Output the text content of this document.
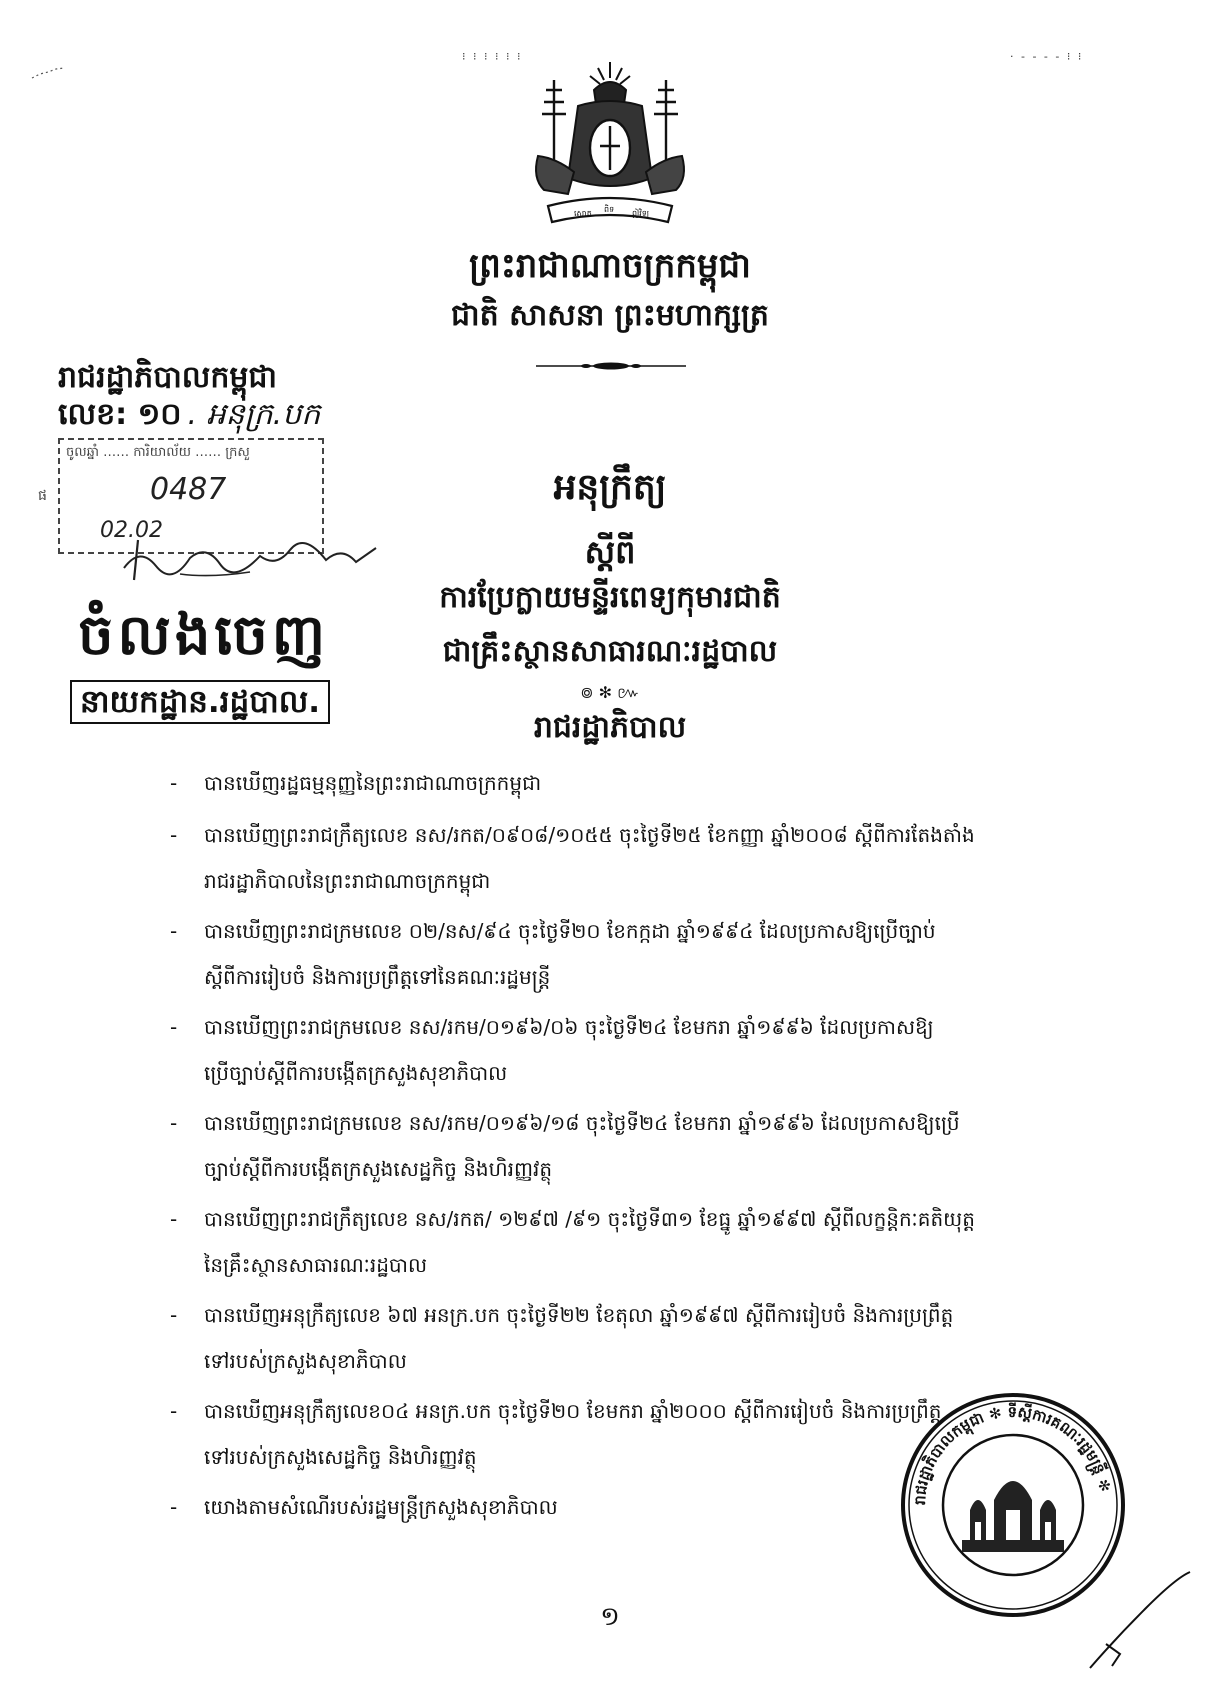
⁝ ⁝ ⁝ ⁝ ⁝ ⁝	· ‑ ‑ ‑ ‑ ⁝ ⁝
សោភ ពិទ ឦវិឡ
ព្រះរាជាណាចក្រកម្ពុជា
ជាតិ សាសនា ព្រះមហាក្សត្រ
រាជរដ្ឋាភិបាលកម្ពុជា
លេខ: ១០ . អនុក្រ.បក
ចូលឆ្នាំ …… ការិយាល័យ …… ក្រសួ
ផ	0487
02.02
ចំលងចេញ
នាយកដ្ឋាន.រដ្ឋបាល.
អនុក្រឹត្យ
ស្តីពី
ការប្រែក្លាយមន្ទីរពេទ្យកុមារជាតិ
ជាគ្រឹះស្ថានសាធារណៈរដ្ឋបាល
៙ ✻ ៚
រាជរដ្ឋាភិបាល
-	បានឃើញរដ្ឋធម្មនុញ្ញនៃព្រះរាជាណាចក្រកម្ពុជា
-	បានឃើញព្រះរាជក្រឹត្យលេខ នស/រកត/០៩០៨/១០៥៥ ចុះថ្ងៃទី២៥ ខែកញ្ញា ឆ្នាំ២០០៨ ស្តីពីការតែងតាំង
រាជរដ្ឋាភិបាលនៃព្រះរាជាណាចក្រកម្ពុជា
-	បានឃើញព្រះរាជក្រមលេខ ០២/នស/៩៤ ចុះថ្ងៃទី២០ ខែកក្កដា ឆ្នាំ១៩៩៤ ដែលប្រកាសឱ្យប្រើច្បាប់
ស្តីពីការរៀបចំ និងការប្រព្រឹត្តទៅនៃគណៈរដ្ឋមន្ត្រី
-	បានឃើញព្រះរាជក្រមលេខ នស/រកម/០១៩៦/០៦ ចុះថ្ងៃទី២៤ ខែមករា ឆ្នាំ១៩៩៦ ដែលប្រកាសឱ្យ
ប្រើច្បាប់ស្តីពីការបង្កើតក្រសួងសុខាភិបាល
-	បានឃើញព្រះរាជក្រមលេខ នស/រកម/០១៩៦/១៨ ចុះថ្ងៃទី២៤ ខែមករា ឆ្នាំ១៩៩៦ ដែលប្រកាសឱ្យប្រើ
ច្បាប់ស្តីពីការបង្កើតក្រសួងសេដ្ឋកិច្ច និងហិរញ្ញវត្ថុ
-	បានឃើញព្រះរាជក្រឹត្យលេខ នស/រកត/ ១២៩៧ /៩១ ចុះថ្ងៃទី៣១ ខែធ្នូ ឆ្នាំ១៩៩៧ ស្តីពីលក្ខន្តិកៈគតិយុត្ត
នៃគ្រឹះស្ថានសាធារណៈរដ្ឋបាល
-	បានឃើញអនុក្រឹត្យលេខ ៦៧ អនក្រ.បក ចុះថ្ងៃទី២២ ខែតុលា ឆ្នាំ១៩៩៧ ស្តីពីការរៀបចំ និងការប្រព្រឹត្ត
ទៅរបស់ក្រសួងសុខាភិបាល
-	បានឃើញអនុក្រឹត្យលេខ០៤ អនក្រ.បក ចុះថ្ងៃទី២០ ខែមករា ឆ្នាំ២០០០ ស្តីពីការរៀបចំ និងការប្រព្រឹត្ត
ទៅរបស់ក្រសួងសេដ្ឋកិច្ច និងហិរញ្ញវត្ថុ
-	យោងតាមសំណើរបស់រដ្ឋមន្ត្រីក្រសួងសុខាភិបាល	រាជរដ្ឋាភិបាលកម្ពុជា ✻ ទីស្តីការគណៈរដ្ឋមន្ត្រី ✻
១
